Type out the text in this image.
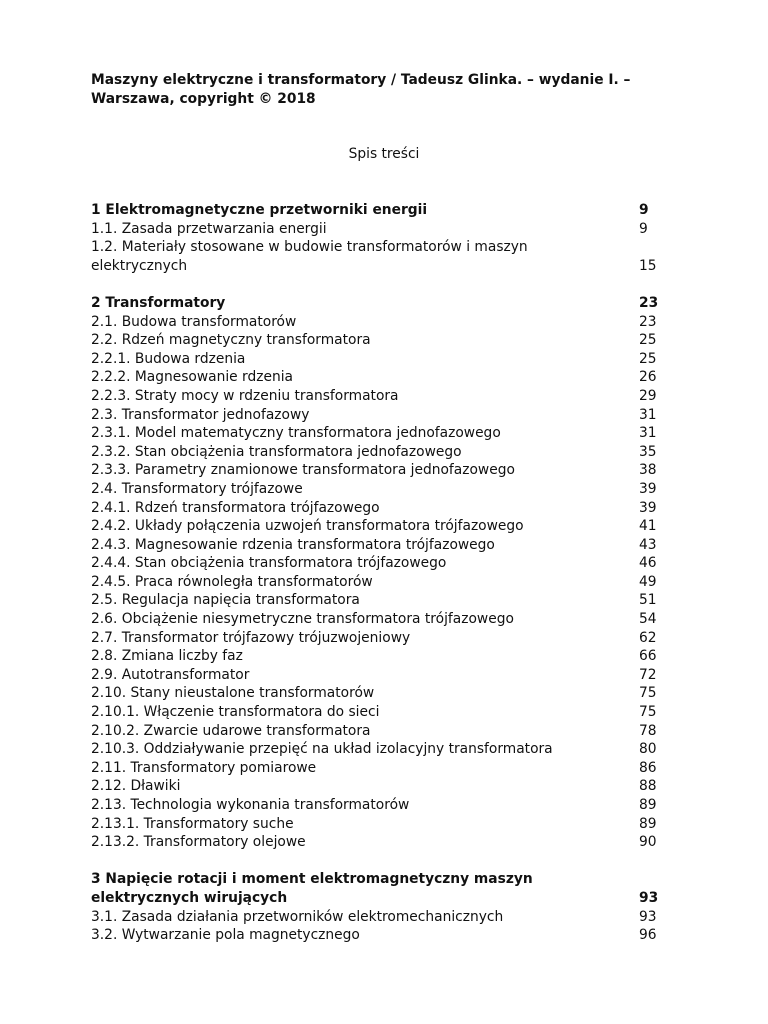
Maszyny elektryczne i transformatory / Tadeusz Glinka. – wydanie I. –
Warszawa, copyright © 2018
Spis treści
1 Elektromagnetyczne przetworniki energii	9
1.1. Zasada przetwarzania energii	9
1.2. Materiały stosowane w budowie transformatorów i maszyn
elektrycznych	15
2 Transformatory	23
2.1. Budowa transformatorów	23
2.2. Rdzeń magnetyczny transformatora	25
2.2.1. Budowa rdzenia	25
2.2.2. Magnesowanie rdzenia	26
2.2.3. Straty mocy w rdzeniu transformatora	29
2.3. Transformator jednofazowy	31
2.3.1. Model matematyczny transformatora jednofazowego	31
2.3.2. Stan obciążenia transformatora jednofazowego	35
2.3.3. Parametry znamionowe transformatora jednofazowego	38
2.4. Transformatory trójfazowe	39
2.4.1. Rdzeń transformatora trójfazowego	39
2.4.2. Układy połączenia uzwojeń transformatora trójfazowego	41
2.4.3. Magnesowanie rdzenia transformatora trójfazowego	43
2.4.4. Stan obciążenia transformatora trójfazowego	46
2.4.5. Praca równoległa transformatorów	49
2.5. Regulacja napięcia transformatora	51
2.6. Obciążenie niesymetryczne transformatora trójfazowego	54
2.7. Transformator trójfazowy trójuzwojeniowy	62
2.8. Zmiana liczby faz	66
2.9. Autotransformator	72
2.10. Stany nieustalone transformatorów	75
2.10.1. Włączenie transformatora do sieci	75
2.10.2. Zwarcie udarowe transformatora	78
2.10.3. Oddziaływanie przepięć na układ izolacyjny transformatora	80
2.11. Transformatory pomiarowe	86
2.12. Dławiki	88
2.13. Technologia wykonania transformatorów	89
2.13.1. Transformatory suche	89
2.13.2. Transformatory olejowe	90
3 Napięcie rotacji i moment elektromagnetyczny maszyn
elektrycznych wirujących	93
3.1. Zasada działania przetworników elektromechanicznych	93
3.2. Wytwarzanie pola magnetycznego	96
